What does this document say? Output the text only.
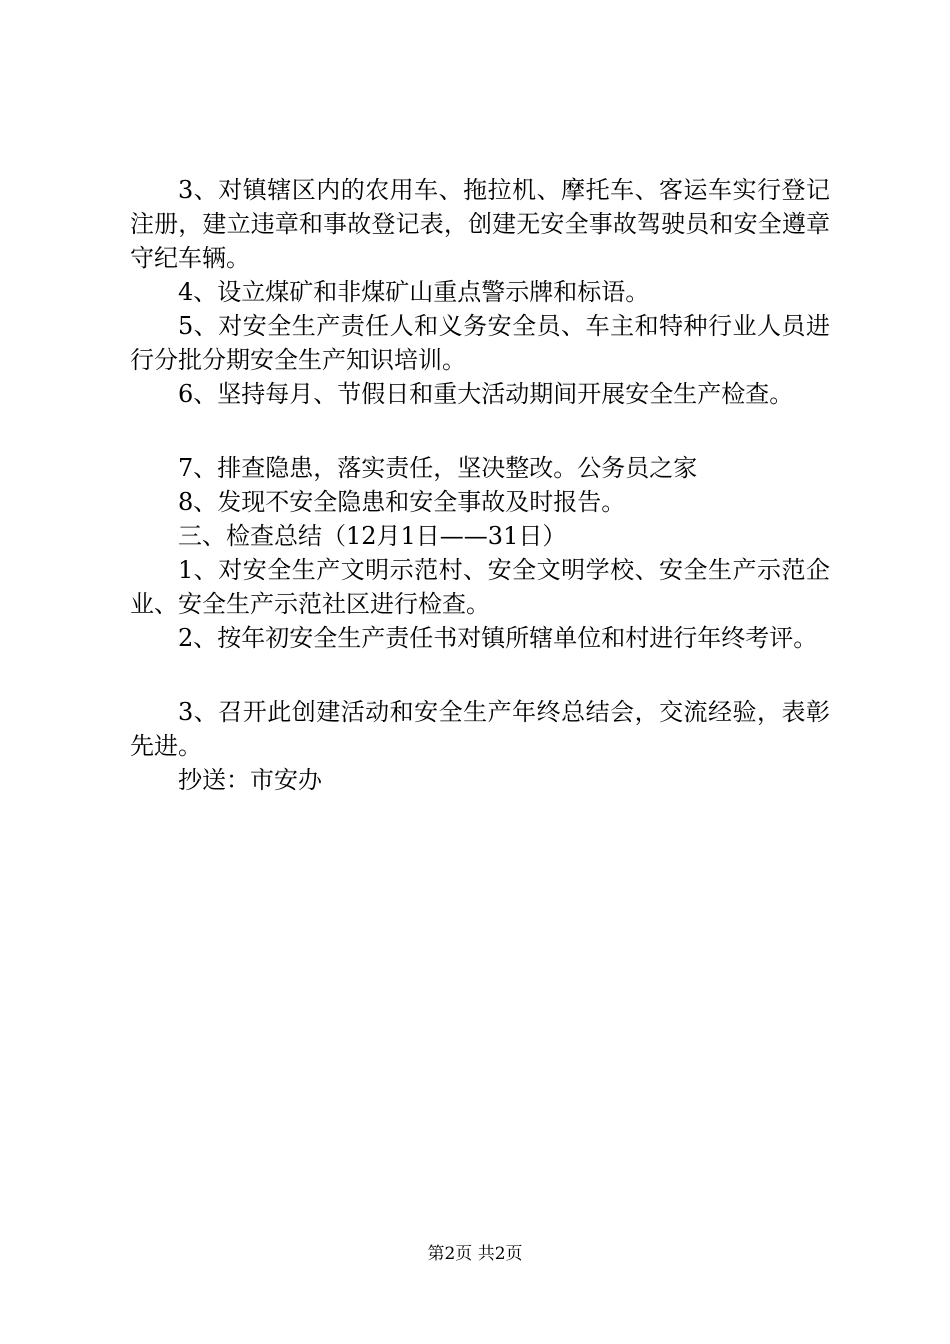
3、对镇辖区内的农用车、拖拉机、摩托车、客运车实行登记注册，建立违章和事故登记表，创建无安全事故驾驶员和安全遵章守纪车辆。

4、设立煤矿和非煤矿山重点警示牌和标语。

5、对安全生产责任人和义务安全员、车主和特种行业人员进行分批分期安全生产知识培训。

6、坚持每月、节假日和重大活动期间开展安全生产检查。

7、排查隐患，落实责任，坚决整改。公务员之家

8、发现不安全隐患和安全事故及时报告。

三、检查总结（12月1日——31日）

1、对安全生产文明示范村、安全文明学校、安全生产示范企业、安全生产示范社区进行检查。

2、按年初安全生产责任书对镇所辖单位和村进行年终考评。

3、召开此创建活动和安全生产年终总结会，交流经验，表彰先进。

抄送：市安办

第2页 共2页
